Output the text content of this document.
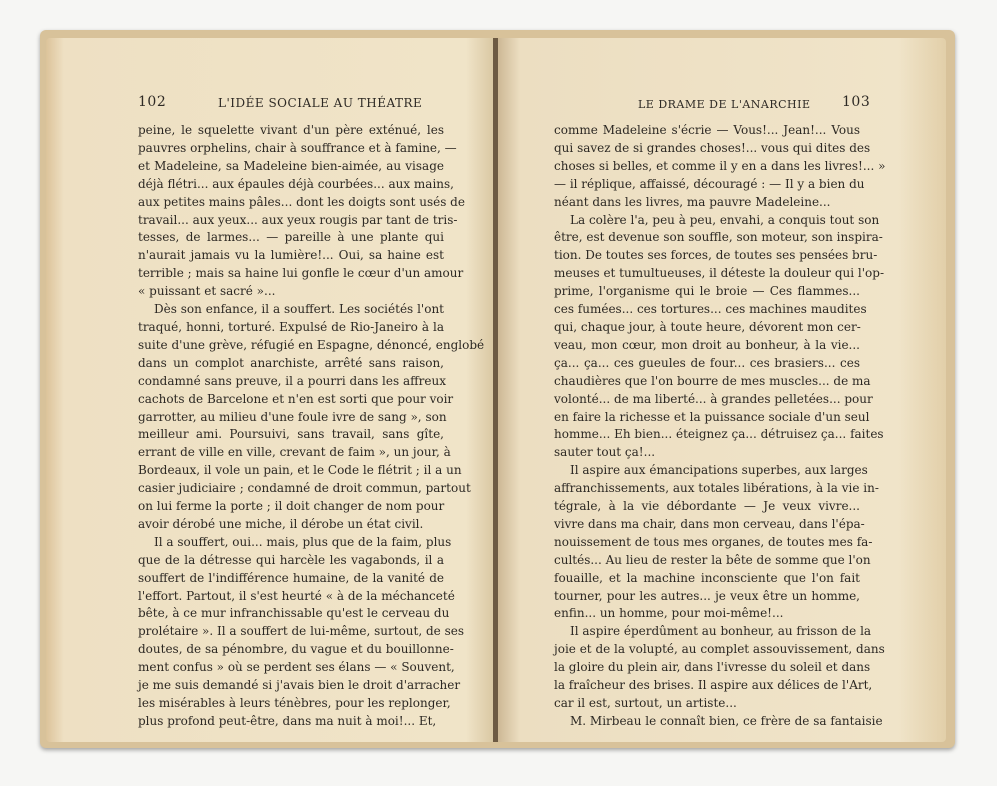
102	L'IDÉE SOCIALE AU THÉATRE
peine, le squelette vivant d'un père exténué, les
pauvres orphelins, chair à souffrance et à famine, —
et Madeleine, sa Madeleine bien-aimée, au visage
déjà flétri... aux épaules déjà courbées... aux mains,
aux petites mains pâles... dont les doigts sont usés de
travail... aux yeux... aux yeux rougis par tant de tris-
tesses, de larmes... — pareille à une plante qui
n'aurait jamais vu la lumière!... Oui, sa haine est
terrible ; mais sa haine lui gonfle le cœur d'un amour
« puissant et sacré »...
Dès son enfance, il a souffert. Les sociétés l'ont
traqué, honni, torturé. Expulsé de Rio-Janeiro à la
suite d'une grève, réfugié en Espagne, dénoncé, englobé
dans un complot anarchiste, arrêté sans raison,
condamné sans preuve, il a pourri dans les affreux
cachots de Barcelone et n'en est sorti que pour voir
garrotter, au milieu d'une foule ivre de sang », son
meilleur ami. Poursuivi, sans travail, sans gîte,
errant de ville en ville, crevant de faim », un jour, à
Bordeaux, il vole un pain, et le Code le flétrit ; il a un
casier judiciaire ; condamné de droit commun, partout
on lui ferme la porte ; il doit changer de nom pour
avoir dérobé une miche, il dérobe un état civil.
Il a souffert, oui... mais, plus que de la faim, plus
que de la détresse qui harcèle les vagabonds, il a
souffert de l'indifférence humaine, de la vanité de
l'effort. Partout, il s'est heurté « à de la méchanceté
bête, à ce mur infranchissable qu'est le cerveau du
prolétaire ». Il a souffert de lui-même, surtout, de ses
doutes, de sa pénombre, du vague et du bouillonne-
ment confus » où se perdent ses élans — « Souvent,
je me suis demandé si j'avais bien le droit d'arracher
les misérables à leurs ténèbres, pour les replonger,
plus profond peut-être, dans ma nuit à moi!... Et,
LE DRAME DE L'ANARCHIE 103
comme Madeleine s'écrie — Vous!... Jean!... Vous
qui savez de si grandes choses!... vous qui dites des
choses si belles, et comme il y en a dans les livres!... »
— il réplique, affaissé, découragé : — Il y a bien du
néant dans les livres, ma pauvre Madeleine...
La colère l'a, peu à peu, envahi, a conquis tout son
être, est devenue son souffle, son moteur, son inspira-
tion. De toutes ses forces, de toutes ses pensées bru-
meuses et tumultueuses, il déteste la douleur qui l'op-
prime, l'organisme qui le broie — Ces flammes...
ces fumées... ces tortures... ces machines maudites
qui, chaque jour, à toute heure, dévorent mon cer-
veau, mon cœur, mon droit au bonheur, à la vie...
ça... ça... ces gueules de four... ces brasiers... ces
chaudières que l'on bourre de mes muscles... de ma
volonté... de ma liberté... à grandes pelletées... pour
en faire la richesse et la puissance sociale d'un seul
homme... Eh bien... éteignez ça... détruisez ça... faites
sauter tout ça!...
Il aspire aux émancipations superbes, aux larges
affranchissements, aux totales libérations, à la vie in-
tégrale, à la vie débordante — Je veux vivre...
vivre dans ma chair, dans mon cerveau, dans l'épa-
nouissement de tous mes organes, de toutes mes fa-
cultés... Au lieu de rester la bête de somme que l'on
fouaille, et la machine inconsciente que l'on fait
tourner, pour les autres... je veux être un homme,
enfin... un homme, pour moi-même!...
Il aspire éperdûment au bonheur, au frisson de la
joie et de la volupté, au complet assouvissement, dans
la gloire du plein air, dans l'ivresse du soleil et dans
la fraîcheur des brises. Il aspire aux délices de l'Art,
car il est, surtout, un artiste...
M. Mirbeau le connaît bien, ce frère de sa fantaisie
